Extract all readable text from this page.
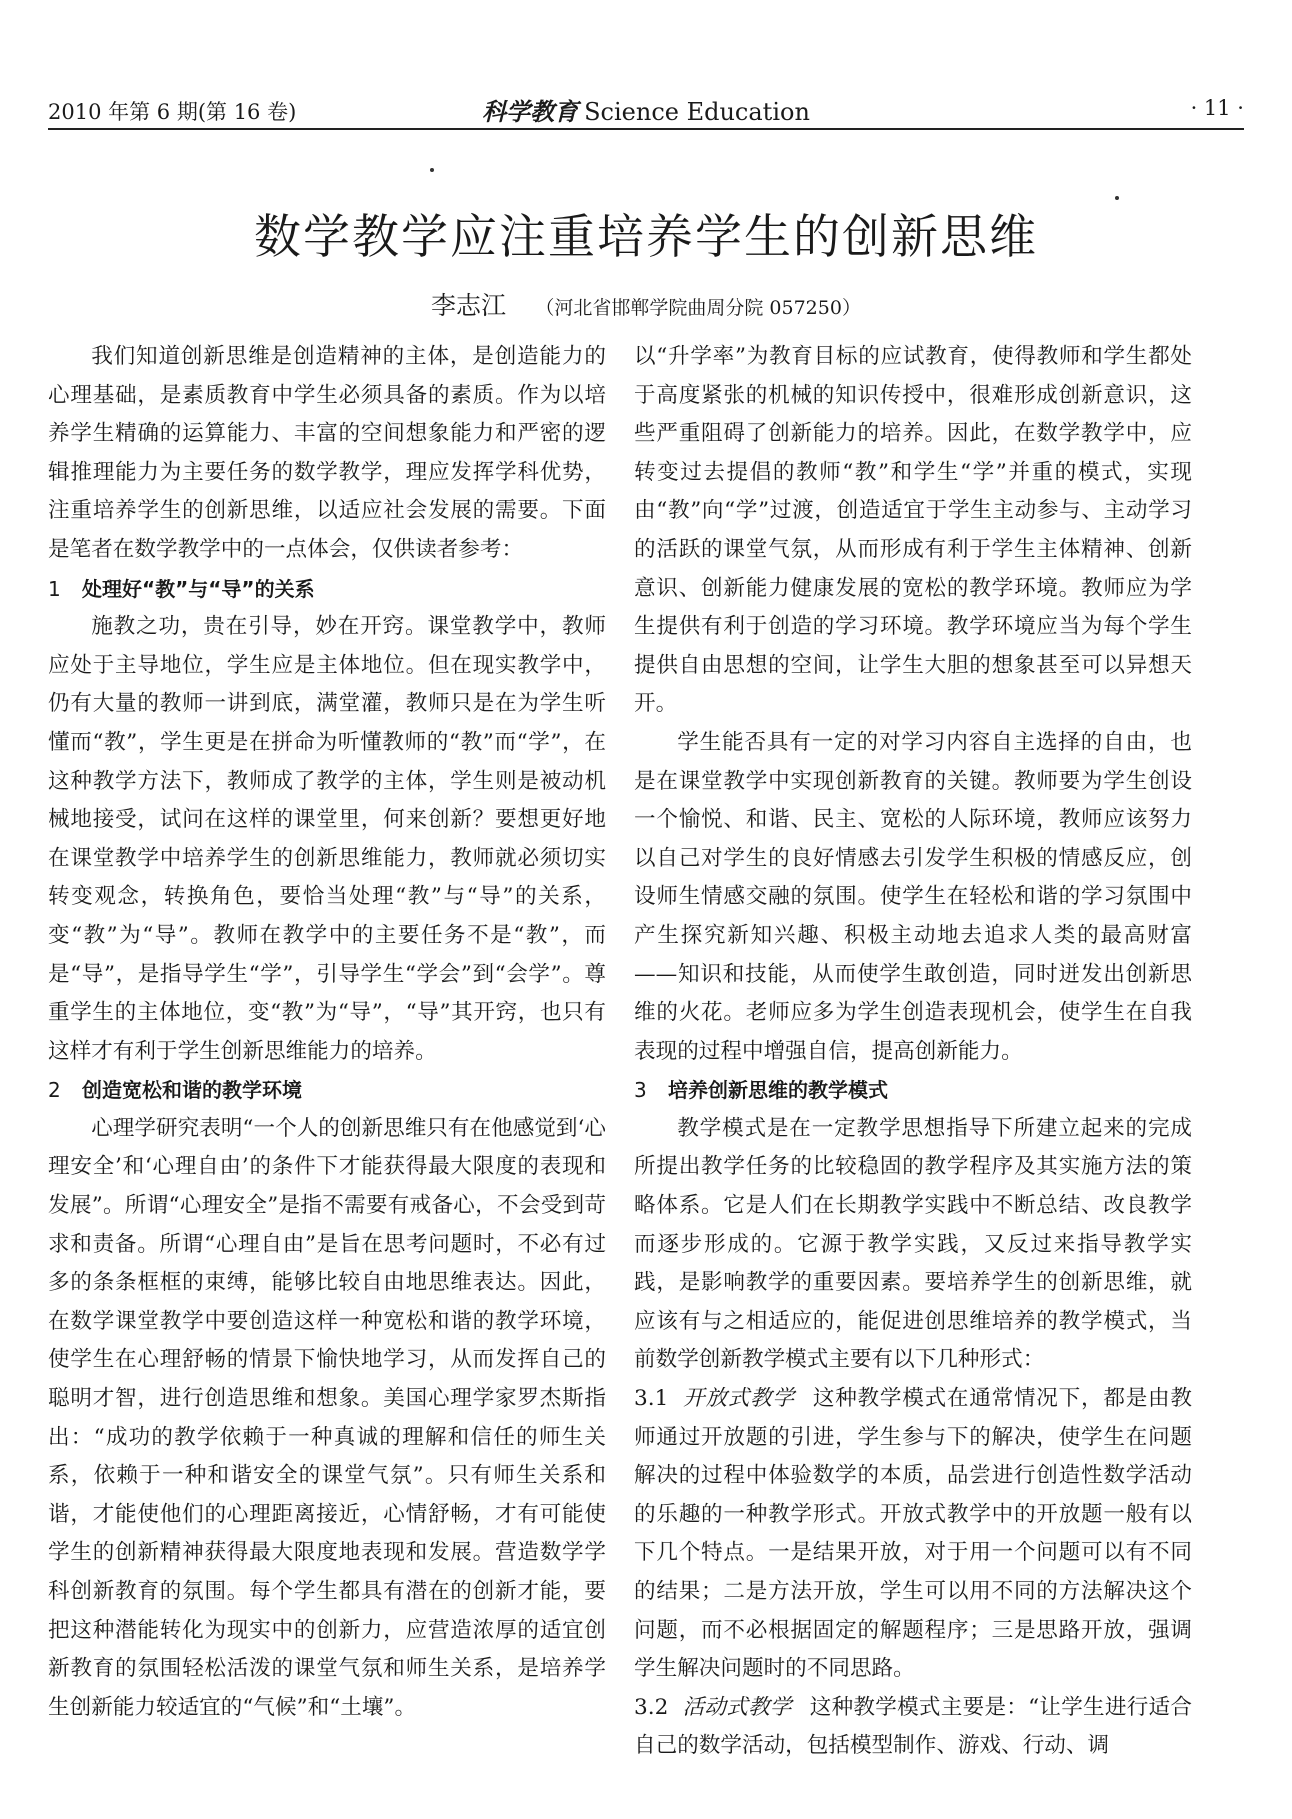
2010 年第 6 期(第 16 卷)	科学教育 Science Education	· 11 ·
数学教学应注重培养学生的创新思维
李志江 （河北省邯郸学院曲周分院 057250）

我们知道创新思维是创造精神的主体，是创造能力的心理基础，是素质教育中学生必须具备的素质。作为以培养学生精确的运算能力、丰富的空间想象能力和严密的逻辑推理能力为主要任务的数学教学，理应发挥学科优势，注重培养学生的创新思维，以适应社会发展的需要。下面是笔者在数学教学中的一点体会，仅供读者参考：

1 处理好“教”与“导”的关系

施教之功，贵在引导，妙在开窍。课堂教学中，教师应处于主导地位，学生应是主体地位。但在现实教学中，仍有大量的教师一讲到底，满堂灌，教师只是在为学生听懂而“教”，学生更是在拼命为听懂教师的“教”而“学”，在这种教学方法下，教师成了教学的主体，学生则是被动机械地接受，试问在这样的课堂里，何来创新？要想更好地在课堂教学中培养学生的创新思维能力，教师就必须切实转变观念，转换角色，要恰当处理“教”与“导”的关系，变“教”为“导”。教师在教学中的主要任务不是“教”，而是“导”，是指导学生“学”，引导学生“学会”到“会学”。尊重学生的主体地位，变“教”为“导”，“导”其开窍，也只有这样才有利于学生创新思维能力的培养。

2 创造宽松和谐的教学环境

心理学研究表明“一个人的创新思维只有在他感觉到‘心理安全’和‘心理自由’的条件下才能获得最大限度的表现和发展”。所谓“心理安全”是指不需要有戒备心，不会受到苛求和责备。所谓“心理自由”是旨在思考问题时，不必有过多的条条框框的束缚，能够比较自由地思维表达。因此，在数学课堂教学中要创造这样一种宽松和谐的教学环境，使学生在心理舒畅的情景下愉快地学习，从而发挥自己的聪明才智，进行创造思维和想象。美国心理学家罗杰斯指出：“成功的教学依赖于一种真诚的理解和信任的师生关系，依赖于一种和谐安全的课堂气氛”。只有师生关系和谐，才能使他们的心理距离接近，心情舒畅，才有可能使学生的创新精神获得最大限度地表现和发展。营造数学学科创新教育的氛围。每个学生都具有潜在的创新才能，要把这种潜能转化为现实中的创新力，应营造浓厚的适宜创新教育的氛围轻松活泼的课堂气氛和师生关系，是培养学生创新能力较适宜的“气候”和“土壤”。

以“升学率”为教育目标的应试教育，使得教师和学生都处于高度紧张的机械的知识传授中，很难形成创新意识，这些严重阻碍了创新能力的培养。因此，在数学教学中，应转变过去提倡的教师“教”和学生“学”并重的模式，实现由“教”向“学”过渡，创造适宜于学生主动参与、主动学习的活跃的课堂气氛，从而形成有利于学生主体精神、创新意识、创新能力健康发展的宽松的教学环境。教师应为学生提供有利于创造的学习环境。教学环境应当为每个学生提供自由思想的空间，让学生大胆的想象甚至可以异想天开。

学生能否具有一定的对学习内容自主选择的自由，也是在课堂教学中实现创新教育的关键。教师要为学生创设一个愉悦、和谐、民主、宽松的人际环境，教师应该努力以自己对学生的良好情感去引发学生积极的情感反应，创设师生情感交融的氛围。使学生在轻松和谐的学习氛围中产生探究新知兴趣、积极主动地去追求人类的最高财富——知识和技能，从而使学生敢创造，同时迸发出创新思维的火花。老师应多为学生创造表现机会，使学生在自我表现的过程中增强自信，提高创新能力。

3 培养创新思维的教学模式

教学模式是在一定教学思想指导下所建立起来的完成所提出教学任务的比较稳固的教学程序及其实施方法的策略体系。它是人们在长期教学实践中不断总结、改良教学而逐步形成的。它源于教学实践，又反过来指导教学实践，是影响教学的重要因素。要培养学生的创新思维，就应该有与之相适应的，能促进创思维培养的教学模式，当前数学创新教学模式主要有以下几种形式：

3.1 开放式教学 这种教学模式在通常情况下，都是由教师通过开放题的引进，学生参与下的解决，使学生在问题解决的过程中体验数学的本质，品尝进行创造性数学活动的乐趣的一种教学形式。开放式教学中的开放题一般有以下几个特点。一是结果开放，对于用一个问题可以有不同的结果；二是方法开放，学生可以用不同的方法解决这个问题，而不必根据固定的解题程序；三是思路开放，强调学生解决问题时的不同思路。

3.2 活动式教学 这种教学模式主要是：“让学生进行适合自己的数学活动，包括模型制作、游戏、行动、调
